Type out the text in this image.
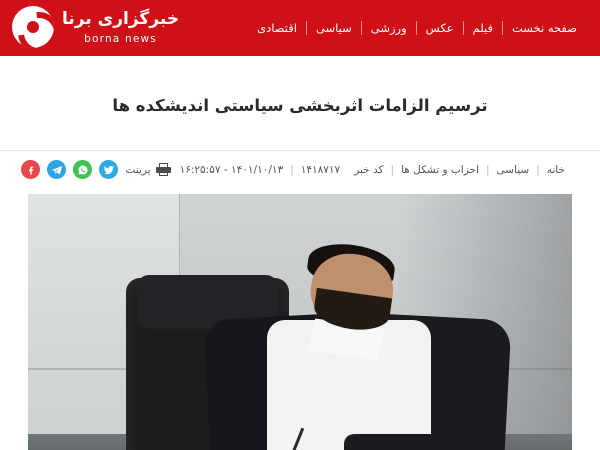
صفحه نخست
فیلم
عکس
ورزشی
سیاسی
اقتصادی
خبرگزاری برنا
borna news
ترسیم الزامات اثربخشی سیاستی اندیشکده ها
خانه
|
سیاسی
|
احزاب و تشکل ها
|
کد خبر
۱۴۱۸۷۱۷
|
۱۴۰۱/۱۰/۱۳ - ۱۶:۲۵:۵۷
پرینت
